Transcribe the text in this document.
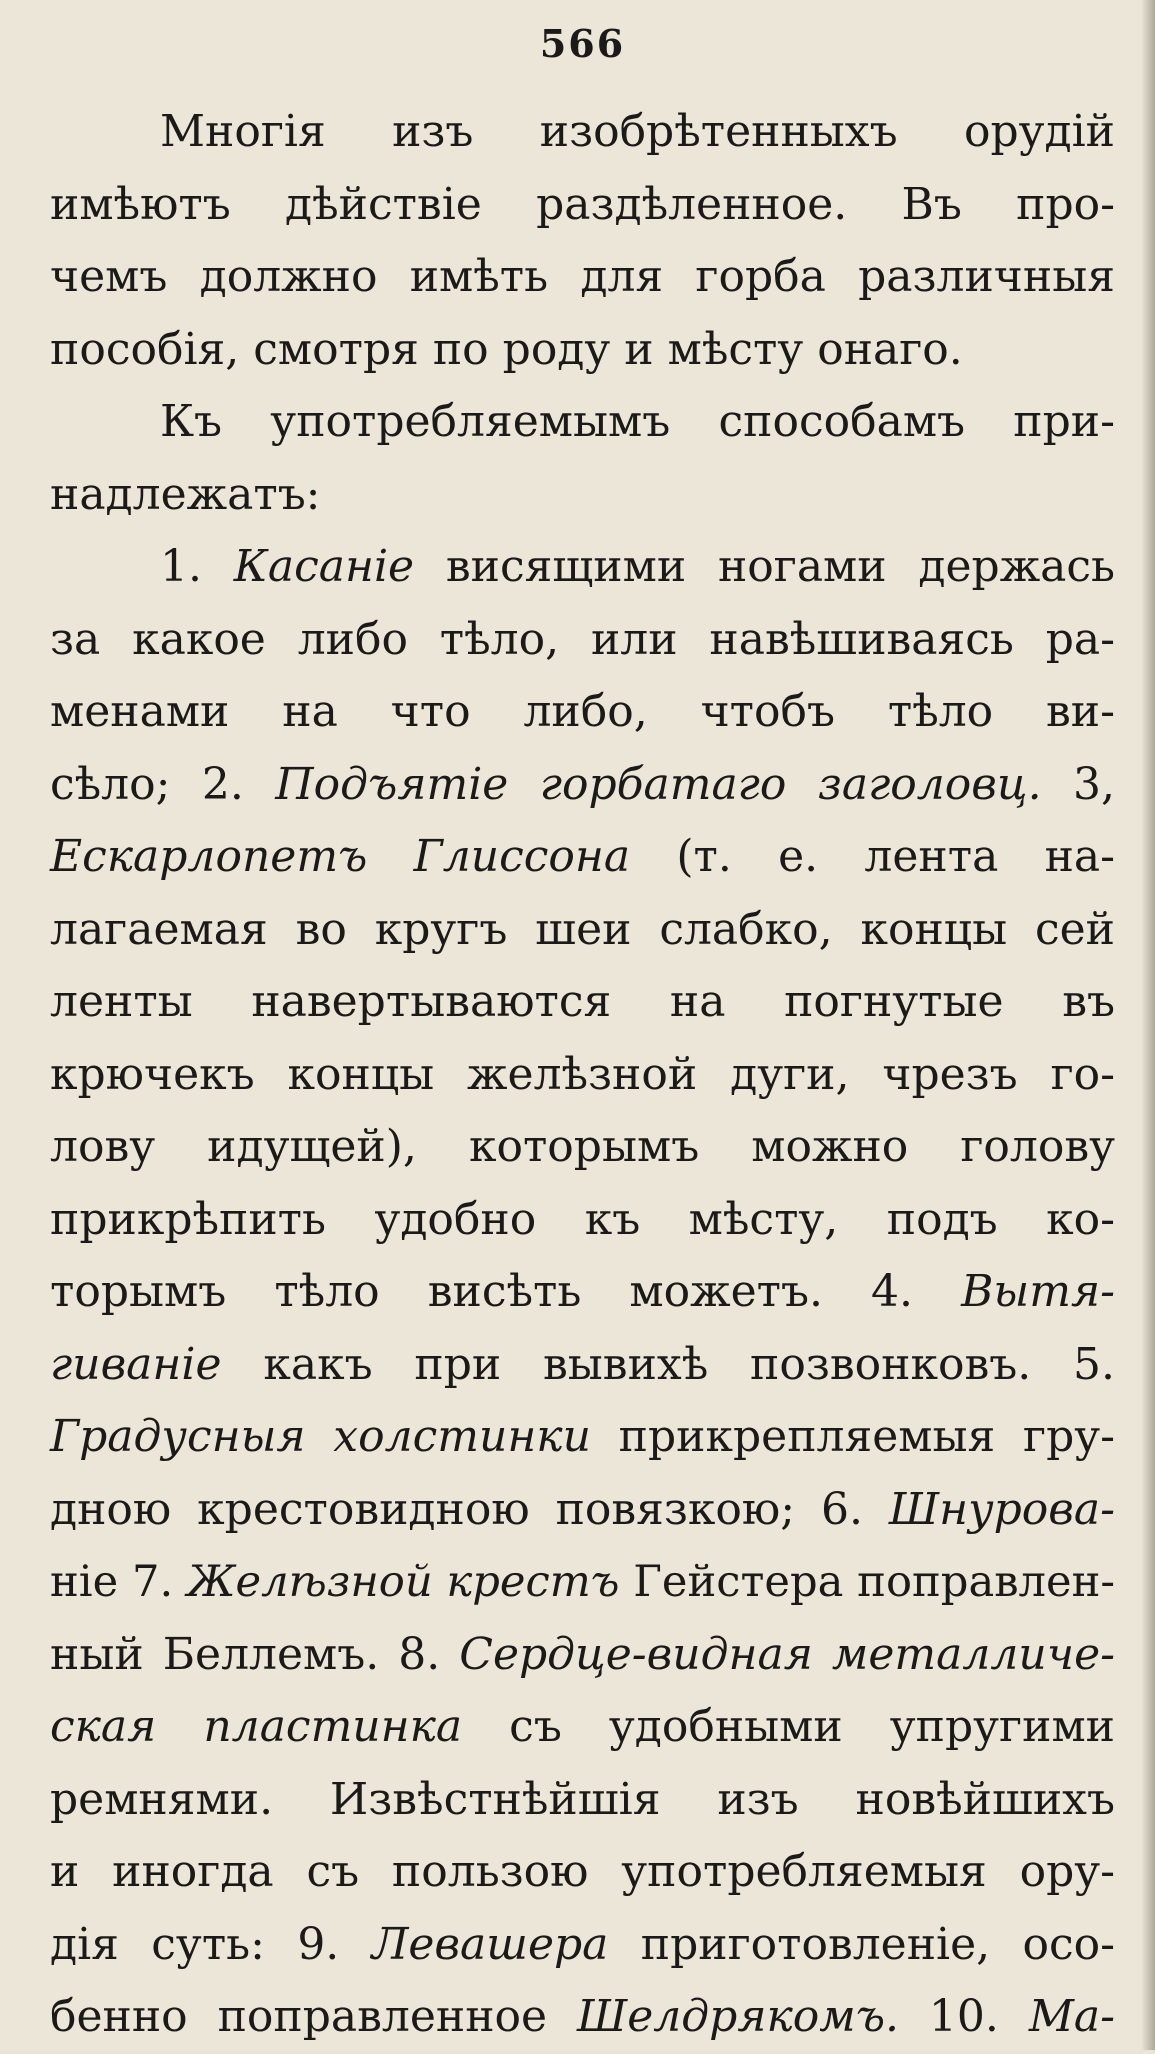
566
Многія изъ изобрѣтенныхъ орудій
имѣютъ дѣйствіе раздѣленное. Въ про-
чемъ должно имѣть для горба различныя
пособія, смотря по роду и мѣсту онаго.
Къ употребляемымъ способамъ при-
надлежатъ:
1. Каcаніе висящими ногами держась
за какое либо тѣло, или навѣшиваясь ра-
менами на что либо, чтобъ тѣло ви-
сѣло; 2. Подъятіе горбатаго заголовц. 3,
Ескарлопетъ Глиссона (т. е. лента на-
лагаемая во кругъ шеи слабко, концы сей
ленты навертываются на погнутые въ
крючекъ концы желѣзной дуги, чрезъ го-
лову идущей), которымъ можно голову
прикрѣпить удобно къ мѣсту, подъ ко-
торымъ тѣло висѣть можетъ. 4. Вытя-
гиваніе какъ при вывихѣ позвонковъ. 5.
Градусныя холстинки прикрепляемыя гру-
дною крестовидною повязкою; 6. Шнурова-
ніе 7. Желѣзной крестъ Гейстера поправлен-
ный Беллемъ. 8. Сердце-видная металличе-
ская пластинка съ удобными упругими
ремнями. Извѣстнѣйшія изъ новѣйшихъ
и иногда съ пользою употребляемыя ору-
дія суть: 9. Левашера приготовленіе, осо-
бенно поправленное Шелдрякомъ. 10. Ма-
